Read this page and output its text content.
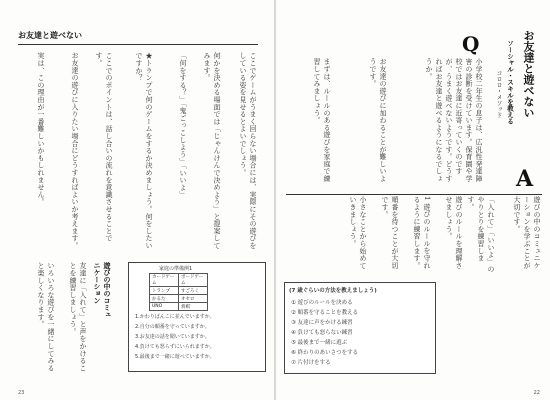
お友達と遊べない
ここでゲームがうまく回らない場合には、実際にその遊びをしている姿を見せるとよいでしょう。
何かを決める場面では「じゃんけんで決めよう」と提案してみます。
「何をする？」「鬼ごっこしよう」「いいよ」
★トランプで何のゲームをするか決めましょう。何をしたいですか？
ここでのポイントは、話し合いの流れを意識させることです。
お友達の遊びに入りたい場合にどうすればよいか考えます。
実は、この理由が一番難しいかもしれません。
遊びの中のコミュニケーション
友達に「入れて」と声をかけることを練習しましょう。
いろいろな遊びを一緒にしてみると楽しくなります。	家庭の準備例1
カードゲーム	ボードゲーム
トランプ	すごろく
かるた	オセロ
UNO	将棋
1.かわりばんこに並んでいますか。
2.自分の順番を守っていますか。
3.お友達の話を聞いていますか。
4.負けても怒らずにいられますか。
5.最後まで一緒に遊べていますか。
23
お友達と遊べない
ソーシャル・スキルを教える
コロロ・メソッド
Q
小学校二年生の息子は、広汎性発達障害の診断を受けています。保育園や学校ではお友達に近寄っていくのですが、うまく遊べないようです。どうすればお友達と遊べるようになるでしょうか。
お友達の遊びに加わることが難しいようです。
まずは、ルールのある遊びを家庭で練習してみましょう。
A
遊びの中のコミュニケーションを学ぶことが大切です。
「入れて」「いいよ」のやりとりを練習します。
遊びのルールを理解させましょう。
1 遊びのルールを守れるように練習します。
順番を待つことが大切です。
小さなことから始めていきましょう。
(7 歳ぐらいの方法を教えましょう)
① 遊びのルールを決める
② 順番を守ることを教える
③ 友達に声をかける練習
④ 負けても怒らない練習
⑤ 最後まで一緒に遊ぶ
⑥ 終わりのあいさつをする
⑦ 片付けをする
22
